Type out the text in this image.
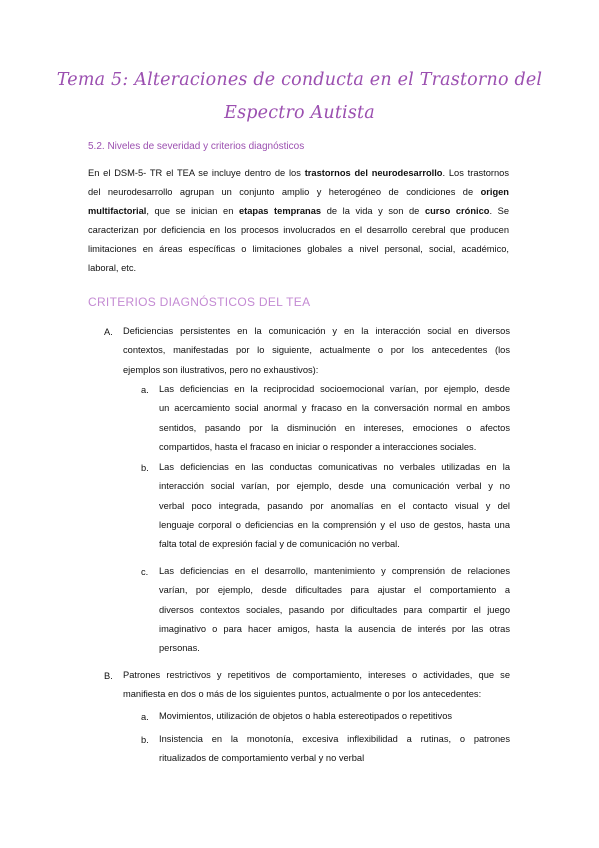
Tema 5: Alteraciones de conducta en el Trastorno del
Espectro Autista
5.2. Niveles de severidad y criterios diagnósticos
En el DSM-5- TR el TEA se incluye dentro de los trastornos del neurodesarrollo. Los trastornos
del neurodesarrollo agrupan un conjunto amplio y heterogéneo de condiciones de origen
multifactorial, que se inician en etapas tempranas de la vida y son de curso crónico. Se
caracterizan por deficiencia en los procesos involucrados en el desarrollo cerebral que producen
limitaciones en áreas específicas o limitaciones globales a nivel personal, social, académico,
laboral, etc.
CRITERIOS DIAGNÓSTICOS DEL TEA
A. Deficiencias persistentes en la comunicación y en la interacción social en diversos
contextos, manifestadas por lo siguiente, actualmente o por los antecedentes (los
ejemplos son ilustrativos, pero no exhaustivos):
a. Las deficiencias en la reciprocidad socioemocional varían, por ejemplo, desde
un acercamiento social anormal y fracaso en la conversación normal en ambos
sentidos, pasando por la disminución en intereses, emociones o afectos
compartidos, hasta el fracaso en iniciar o responder a interacciones sociales.
b. Las deficiencias en las conductas comunicativas no verbales utilizadas en la
interacción social varían, por ejemplo, desde una comunicación verbal y no
verbal poco integrada, pasando por anomalías en el contacto visual y del
lenguaje corporal o deficiencias en la comprensión y el uso de gestos, hasta una
falta total de expresión facial y de comunicación no verbal.
c. Las deficiencias en el desarrollo, mantenimiento y comprensión de relaciones
varían, por ejemplo, desde dificultades para ajustar el comportamiento a
diversos contextos sociales, pasando por dificultades para compartir el juego
imaginativo o para hacer amigos, hasta la ausencia de interés por las otras
personas.
B. Patrones restrictivos y repetitivos de comportamiento, intereses o actividades, que se
manifiesta en dos o más de los siguientes puntos, actualmente o por los antecedentes:
a. Movimientos, utilización de objetos o habla estereotipados o repetitivos
b. Insistencia en la monotonía, excesiva inflexibilidad a rutinas, o patrones
ritualizados de comportamiento verbal y no verbal
